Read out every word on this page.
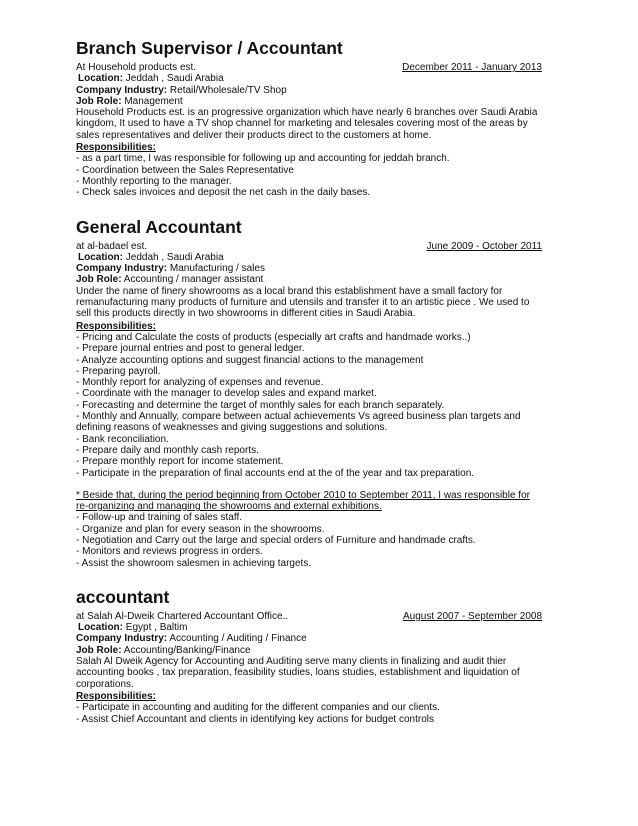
Branch Supervisor / Accountant
At Household products est.	December 2011 - January 2013
Location: Jeddah , Saudi Arabia
Company Industry: Retail/Wholesale/TV Shop
Job Role: Management
Household Products est. is an progressive organization which have nearly 6 branches over Saudi Arabia
kingdom, It used to have a TV shop channel for marketing and telesales covering most of the areas by
sales representatives and deliver their products direct to the customers at home.
Responsibilities:
- as a part time, I was responsible for following up and accounting for jeddah branch.
- Coordination between the Sales Representative
- Monthly reporting to the manager.
- Check sales invoices and deposit the net cash in the daily bases.
General Accountant
at al-badael est.	June 2009 - October 2011
Location: Jeddah , Saudi Arabia
Company Industry: Manufacturing / sales
Job Role: Accounting / manager assistant
Under the name of finery showrooms as a local brand this establishment have a small factory for
remanufacturing many products of furniture and utensils and transfer it to an artistic piece . We used to
sell this products directly in two showrooms in different cities in Saudi Arabia.
Responsibilities:
- Pricing and Calculate the costs of products (especially art crafts and handmade works..)
- Prepare journal entries and post to general ledger.
- Analyze accounting options and suggest financial actions to the management
- Preparing payroll.
- Monthly report for analyzing of expenses and revenue.
- Coordinate with the manager to develop sales and expand market.
- Forecasting and determine the target of monthly sales for each branch separately.
- Monthly and Annually, compare between actual achievements Vs agreed business plan targets and
defining reasons of weaknesses and giving suggestions and solutions.
- Bank reconciliation.
- Prepare daily and monthly cash reports.
- Prepare monthly report for income statement.
- Participate in the preparation of final accounts end at the of the year and tax preparation.
* Beside that, during the period beginning from October 2010 to September 2011, I was responsible for
re-organizing and managing the showrooms and external exhibitions.
- Follow-up and training of sales staff.
- Organize and plan for every season in the showrooms.
- Negotiation and Carry out the large and special orders of Furniture and handmade crafts.
- Monitors and reviews progress in orders.
- Assist the showroom salesmen in achieving targets.
accountant
at Salah Al-Dweik Chartered Accountant Office..	August 2007 - September 2008
Location: Egypt , Baltim
Company Industry: Accounting / Auditing / Finance
Job Role: Accounting/Banking/Finance
Salah Al Dweik Agency for Accounting and Auditing serve many clients in finalizing and audit thier
accounting books , tax preparation, feasibility studies, loans studies, establishment and liquidation of
corporations.
Responsibilities:
- Participate in accounting and auditing for the different companies and our clients.
- Assist Chief Accountant and clients in identifying key actions for budget controls
